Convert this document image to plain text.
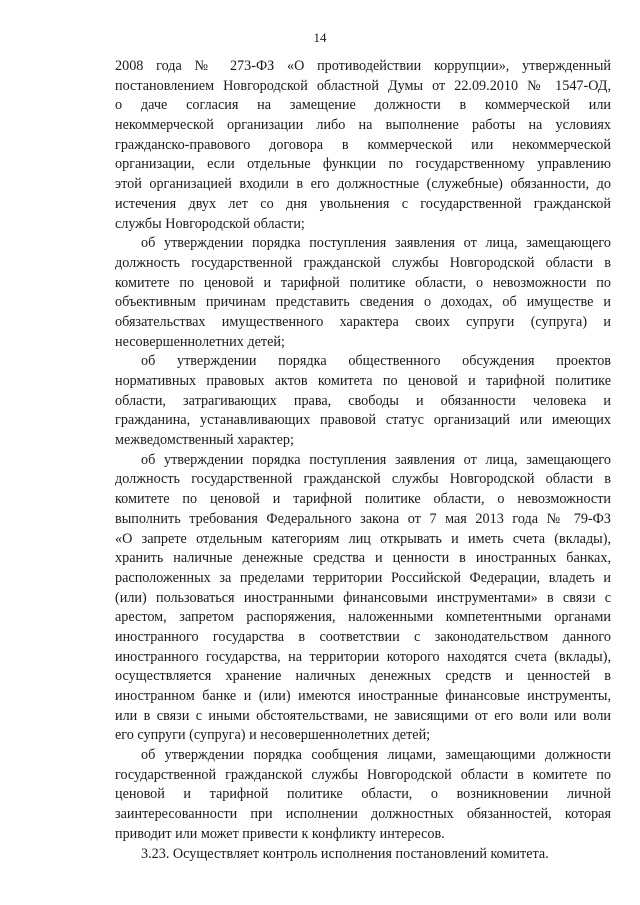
14
2008 года № 273-ФЗ «О противодействии коррупции», утвержденный
постановлением Новгородской областной Думы от 22.09.2010 № 1547-ОД,
о даче согласия на замещение должности в коммерческой или
некоммерческой организации либо на выполнение работы на условиях
гражданско-правового договора в коммерческой или некоммерческой
организации, если отдельные функции по государственному управлению
этой организацией входили в его должностные (служебные) обязанности, до
истечения двух лет со дня увольнения с государственной гражданской
службы Новгородской области;
об утверждении порядка поступления заявления от лица, замещающего
должность государственной гражданской службы Новгородской области в
комитете по ценовой и тарифной политике области, о невозможности по
объективным причинам представить сведения о доходах, об имуществе и
обязательствах имущественного характера своих супруги (супруга) и
несовершеннолетних детей;
об утверждении порядка общественного обсуждения проектов
нормативных правовых актов комитета по ценовой и тарифной политике
области, затрагивающих права, свободы и обязанности человека и
гражданина, устанавливающих правовой статус организаций или имеющих
межведомственный характер;
об утверждении порядка поступления заявления от лица, замещающего
должность государственной гражданской службы Новгородской области в
комитете по ценовой и тарифной политике области, о невозможности
выполнить требования Федерального закона от 7 мая 2013 года № 79-ФЗ
«О запрете отдельным категориям лиц открывать и иметь счета (вклады),
хранить наличные денежные средства и ценности в иностранных банках,
расположенных за пределами территории Российской Федерации, владеть и
(или) пользоваться иностранными финансовыми инструментами» в связи с
арестом, запретом распоряжения, наложенными компетентными органами
иностранного государства в соответствии с законодательством данного
иностранного государства, на территории которого находятся счета (вклады),
осуществляется хранение наличных денежных средств и ценностей в
иностранном банке и (или) имеются иностранные финансовые инструменты,
или в связи с иными обстоятельствами, не зависящими от его воли или воли
его супруги (супруга) и несовершеннолетних детей;
об утверждении порядка сообщения лицами, замещающими должности
государственной гражданской службы Новгородской области в комитете по
ценовой и тарифной политике области, о возникновении личной
заинтересованности при исполнении должностных обязанностей, которая
приводит или может привести к конфликту интересов.
3.23. Осуществляет контроль исполнения постановлений комитета.
